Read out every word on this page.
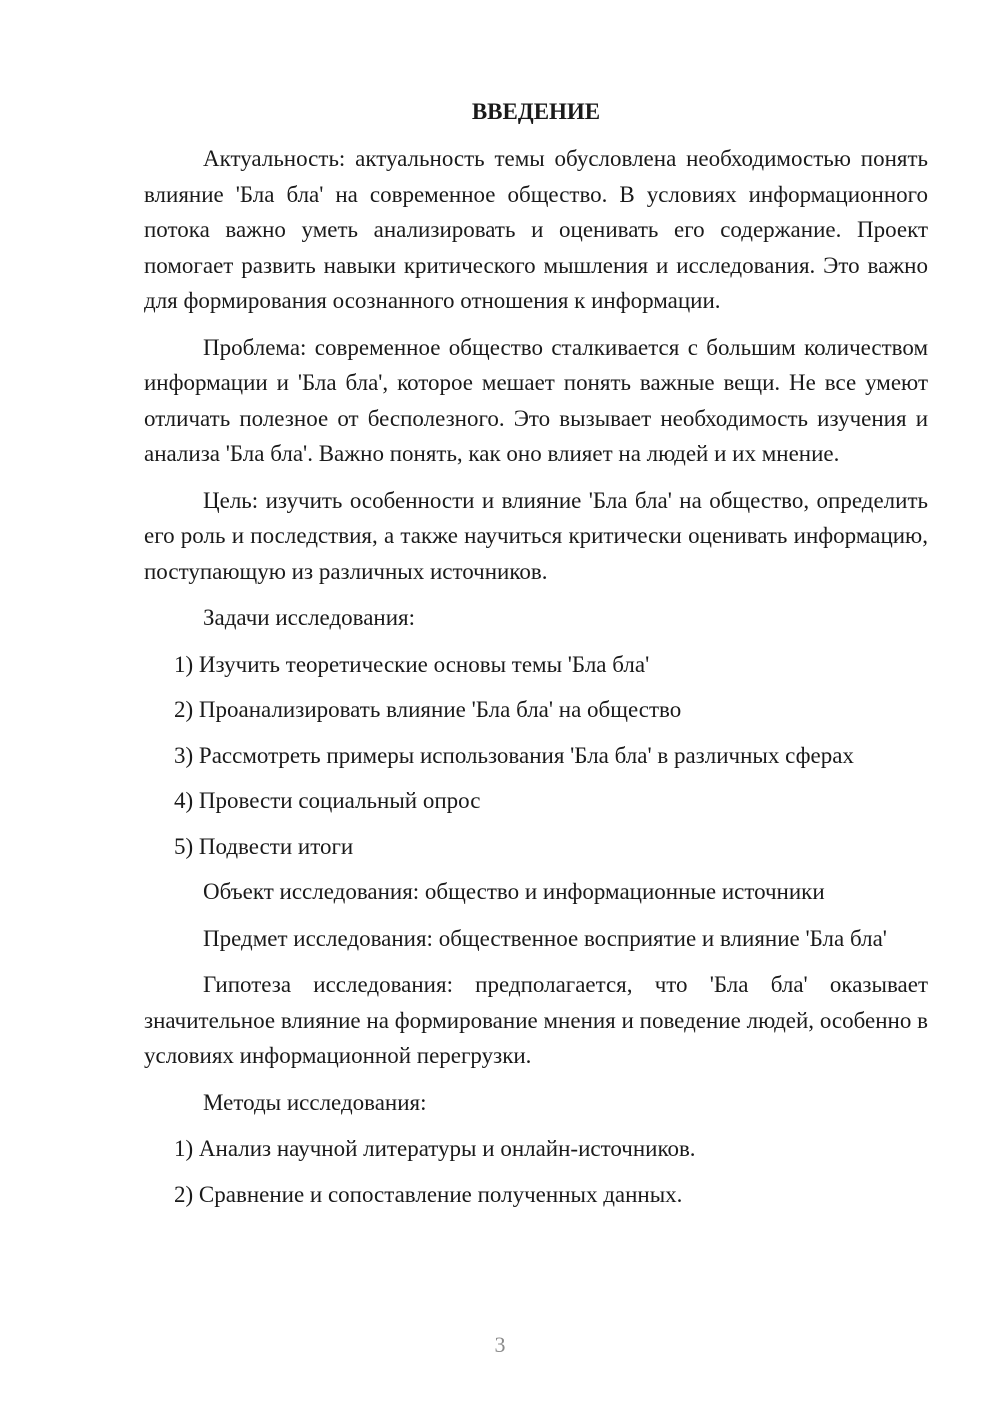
ВВЕДЕНИЕ

Актуальность: актуальность темы обусловлена необходимостью понять влияние 'Бла бла' на современное общество. В условиях информационного потока важно уметь анализировать и оценивать его содержание. Проект помогает развить навыки критического мышления и исследования. Это важно для формирования осознанного отношения к информации.

Проблема: современное общество сталкивается с большим количеством информации и 'Бла бла', которое мешает понять важные вещи. Не все умеют отличать полезное от бесполезного. Это вызывает необходимость изучения и анализа 'Бла бла'. Важно понять, как оно влияет на людей и их мнение.

Цель: изучить особенности и влияние 'Бла бла' на общество, определить его роль и последствия, а также научиться критически оценивать информацию, поступающую из различных источников.

Задачи исследования:

1) Изучить теоретические основы темы 'Бла бла'
2) Проанализировать влияние 'Бла бла' на общество
3) Рассмотреть примеры использования 'Бла бла' в различных сферах
4) Провести социальный опрос
5) Подвести итоги

Объект исследования: общество и информационные источники

Предмет исследования: общественное восприятие и влияние 'Бла бла'

Гипотеза исследования: предполагается, что 'Бла бла' оказывает значительное влияние на формирование мнения и поведение людей, особенно в условиях информационной перегрузки.

Методы исследования:

1) Анализ научной литературы и онлайн-источников.
2) Сравнение и сопоставление полученных данных.
3
